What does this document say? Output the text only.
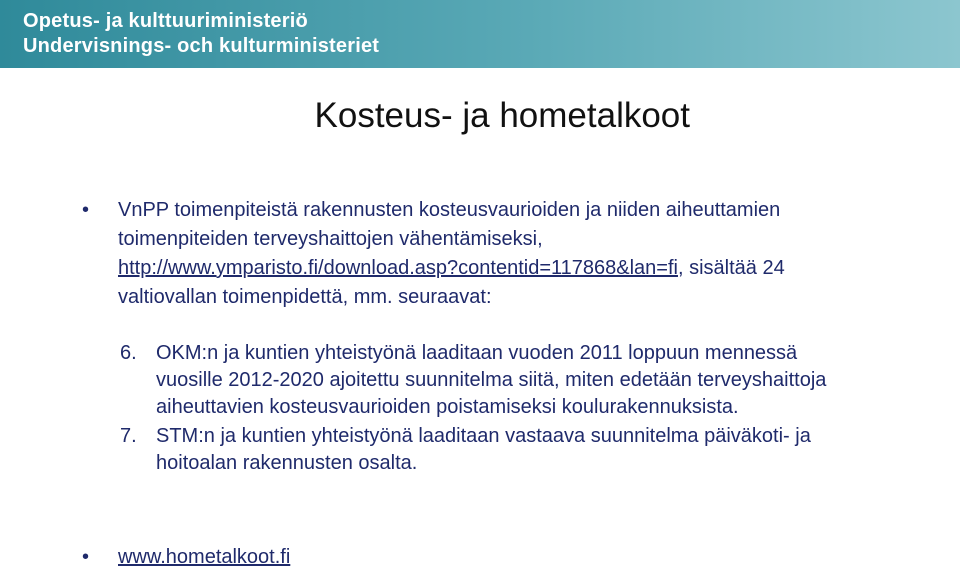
Opetus- ja kulttuuriministeriö
Undervisnings- och kulturministeriet
Kosteus- ja hometalkoot
•	VnPP toimenpiteistä rakennusten kosteusvaurioiden ja niiden aiheuttamien toimenpiteiden terveyshaittojen vähentämiseksi, http://www.ymparisto.fi/download.asp?contentid=117868&lan=fi, sisältää 24 valtiovallan toimenpidettä, mm. seuraavat:
6. OKM:n ja kuntien yhteistyönä laaditaan vuoden 2011 loppuun mennessä vuosille 2012-2020 ajoitettu suunnitelma siitä, miten edetään terveyshaittoja aiheuttavien kosteusvaurioiden poistamiseksi koulurakennuksista.
7. STM:n ja kuntien yhteistyönä laaditaan vastaava suunnitelma päiväkoti- ja hoitoalan rakennusten osalta.
•	www.hometalkoot.fi
